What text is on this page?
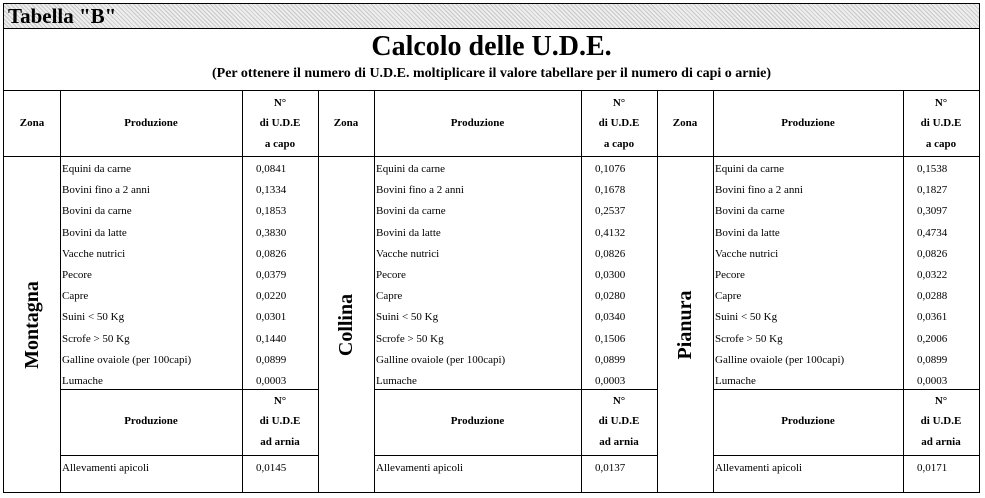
Tabella "B"
Calcolo delle U.D.E.
(Per ottenere il numero di U.D.E. moltiplicare il valore tabellare per il numero di capi o arnie)
Zona	Produzione
N°
di U.D.E
a capo
Montagna
Equini da carne	0,0841
Bovini fino a 2 anni	0,1334
Bovini da carne	0,1853
Bovini da latte	0,3830
Vacche nutrici	0,0826
Pecore	0,0379
Capre	0,0220
Suini < 50 Kg	0,0301
Scrofe > 50 Kg	0,1440
Galline ovaiole (per 100capi)	0,0899
Lumache	0,0003
Produzione
N°
di U.D.E
ad arnia
Allevamenti apicoli	0,0145
Zona	Produzione
N°
di U.D.E
a capo
Collina
Equini da carne	0,1076
Bovini fino a 2 anni	0,1678
Bovini da carne	0,2537
Bovini da latte	0,4132
Vacche nutrici	0,0826
Pecore	0,0300
Capre	0,0280
Suini < 50 Kg	0,0340
Scrofe > 50 Kg	0,1506
Galline ovaiole (per 100capi)	0,0899
Lumache	0,0003
Produzione
N°
di U.D.E
ad arnia
Allevamenti apicoli	0,0137
Zona	Produzione
N°
di U.D.E
a capo
Pianura
Equini da carne	0,1538
Bovini fino a 2 anni	0,1827
Bovini da carne	0,3097
Bovini da latte	0,4734
Vacche nutrici	0,0826
Pecore	0,0322
Capre	0,0288
Suini < 50 Kg	0,0361
Scrofe > 50 Kg	0,2006
Galline ovaiole (per 100capi)	0,0899
Lumache	0,0003
Produzione
N°
di U.D.E
ad arnia
Allevamenti apicoli	0,0171
